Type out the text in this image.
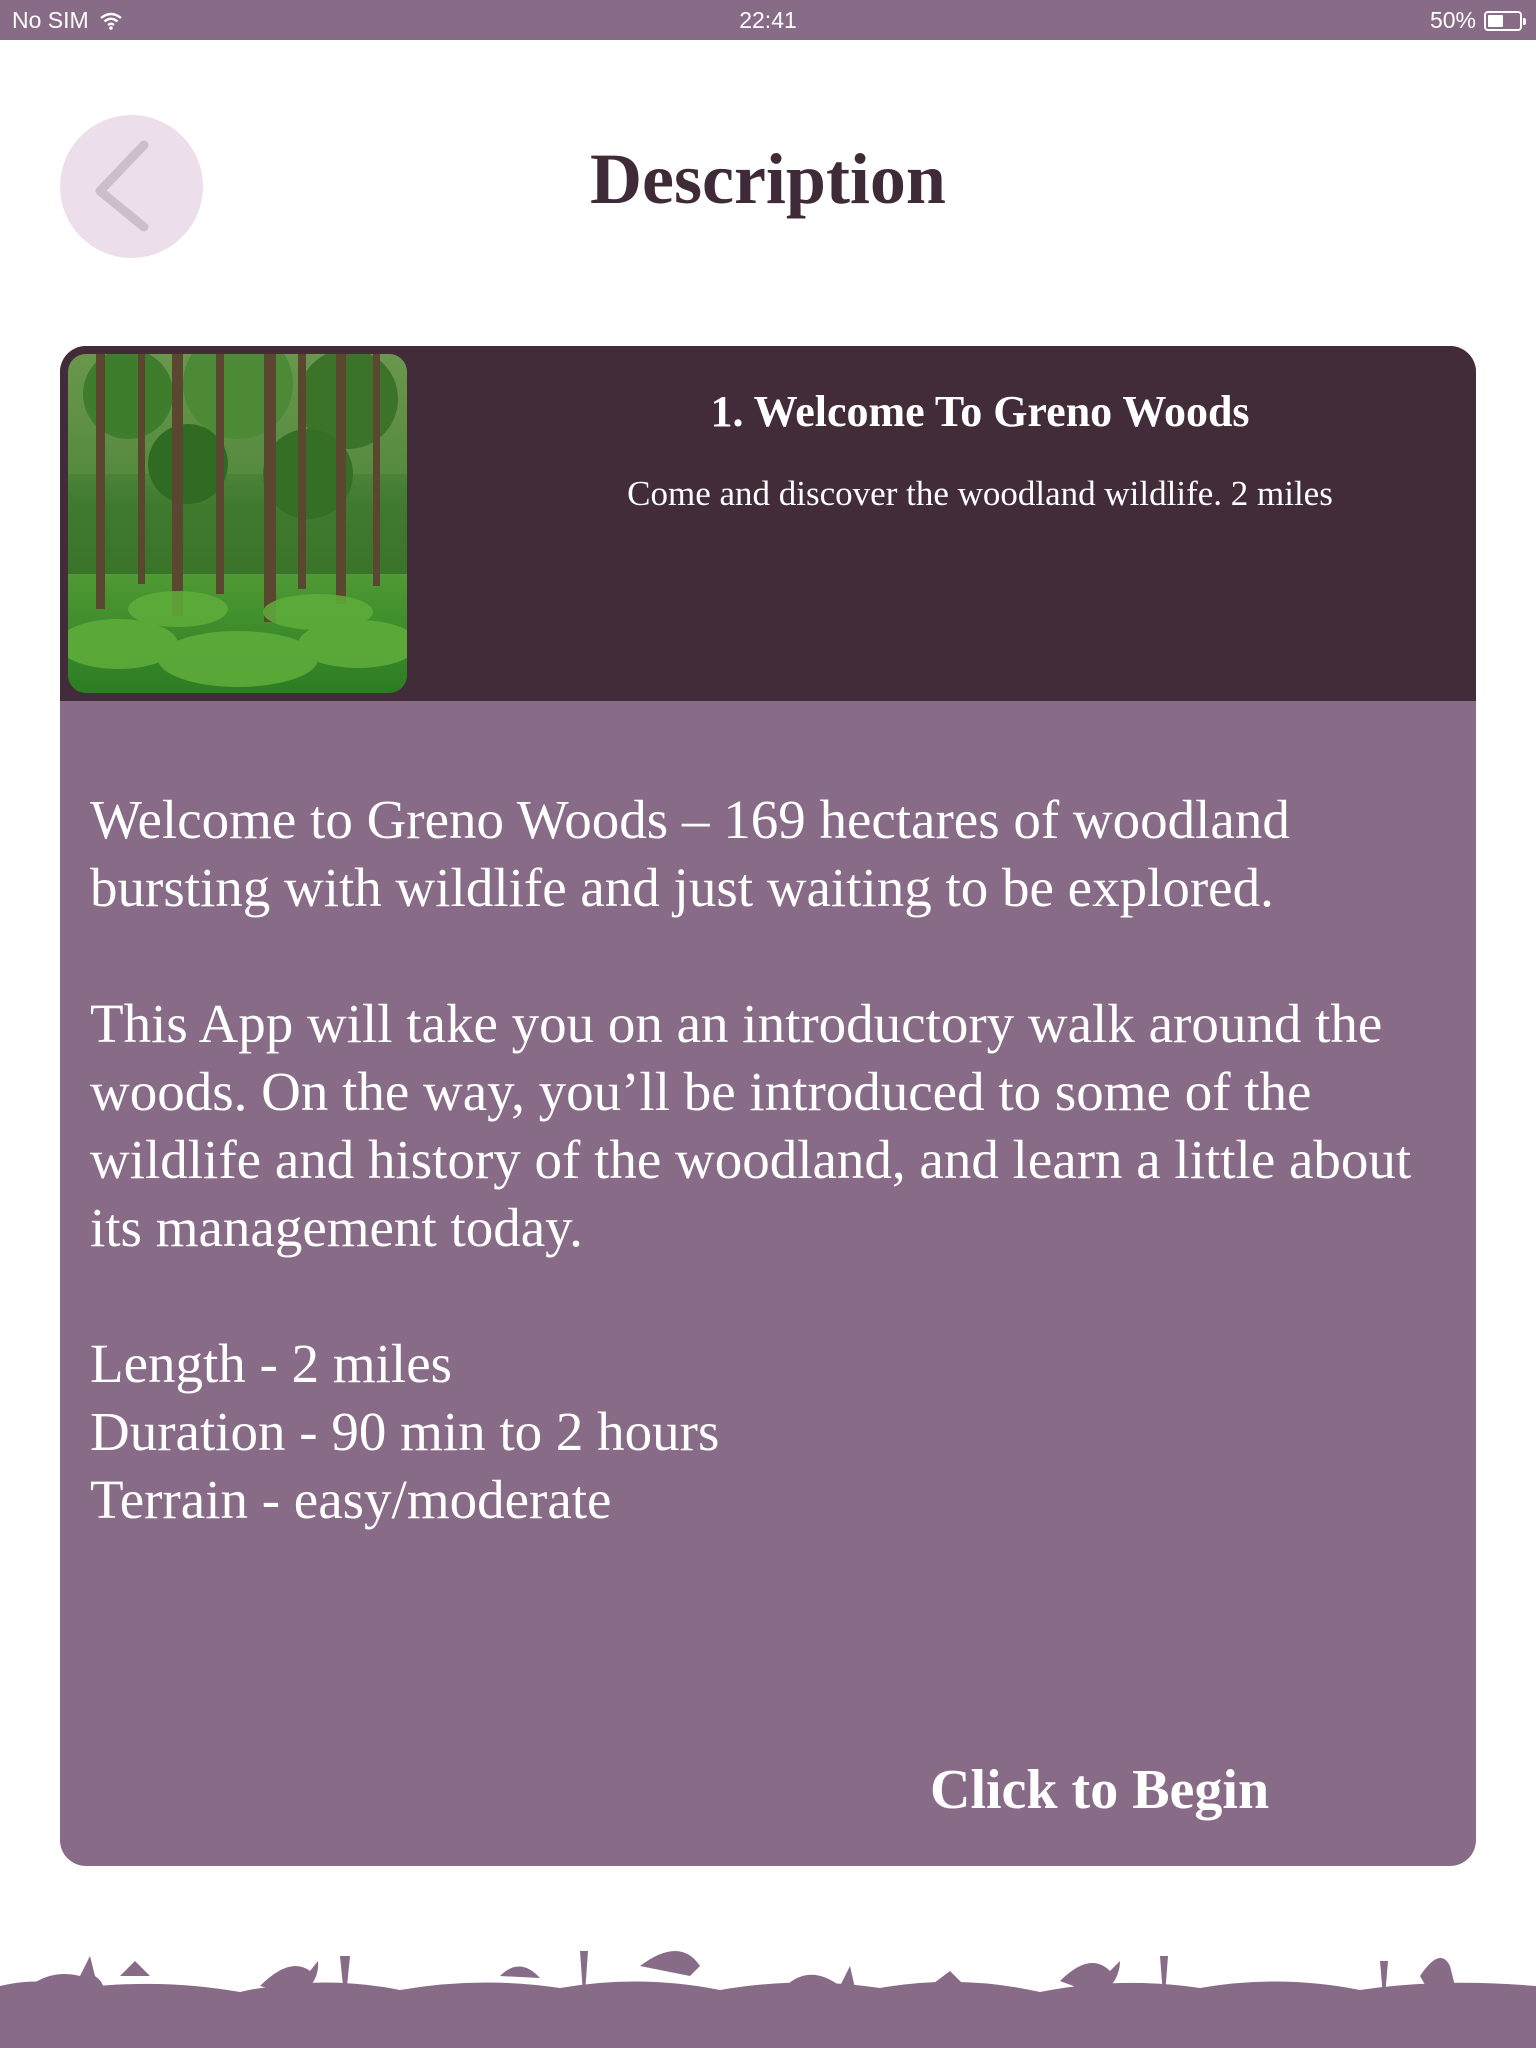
No SIM	22:41	50%
Description
1. Welcome To Greno Woods
Come and discover the woodland wildlife. 2 miles

Welcome to Greno Woods – 169 hectares of woodland bursting with wildlife and just waiting to be explored.

This App will take you on an introductory walk around the woods. On the way, you’ll be introduced to some of the wildlife and history of the woodland, and learn a little about its management today.

Length - 2 miles

Duration - 90 min to 2 hours

Terrain - easy/moderate

Click to Begin
